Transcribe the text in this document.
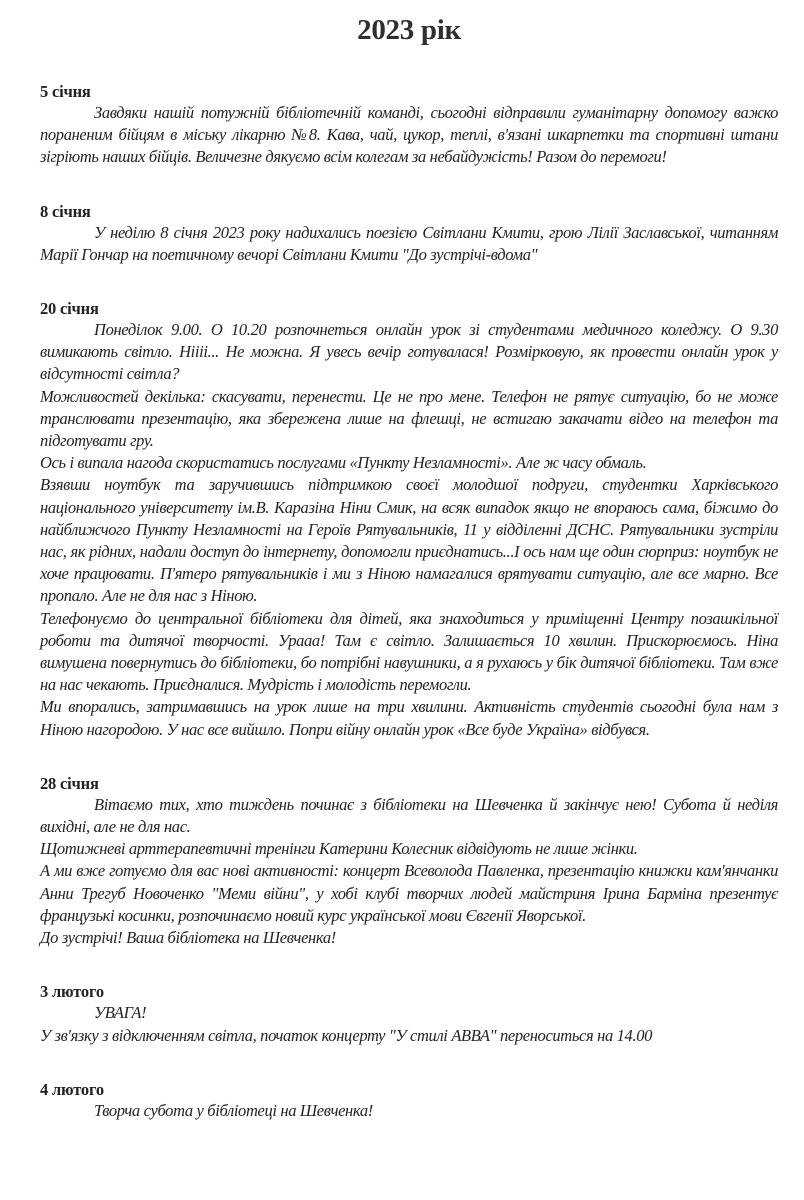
2023 рік

5 січня

Завдяки нашій потужній бібліотечній команді, сьогодні відправили гуманітарну допомогу важко пораненим бійцям в міську лікарню №8. Кава, чай, цукор, теплі, в'язані шкарпетки та спортивні штани зігріють наших бійців. Величезне дякуємо всім колегам за небайдужість! Разом до перемоги!

8 січня

У неділю 8 січня 2023 року надихались поезією Світлани Кмити, грою Лілії Заславської, читанням Марії Гончар на поетичному вечорі Світлани Кмити "До зустрічі-вдома"

20 січня

Понеділок 9.00. О 10.20 розпочнеться онлайн урок зі студентами медичного коледжу. О 9.30 вимикають світло. Ніііі... Не можна. Я увесь вечір готувалася! Розмірковую, як провести онлайн урок у відсутності світла?

Можливостей декілька: скасувати, перенести. Це не про мене. Телефон не рятує ситуацію, бо не може транслювати презентацію, яка збережена лише на флешці, не встигаю закачати відео на телефон та підготувати гру.

Ось і випала нагода скористатись послугами «Пункту Незламності». Але ж часу обмаль.

Взявши ноутбук та заручившись підтримкою своєї молодшої подруги, студентки Харківського національного університету ім.В. Каразіна Ніни Смик, на всяк випадок якщо не впораюсь сама, біжимо до найближчого Пункту Незламності на Героїв Рятувальників, 11 у відділенні ДСНС. Рятувальники зустріли нас, як рідних, надали доступ до інтернету, допомогли приєднатись...І ось нам ще один сюрприз: ноутбук не хоче працювати. П'ятеро рятувальників і ми з Ніною намагалися врятувати ситуацію, але все марно. Все пропало. Але не для нас з Ніною.

Телефонуємо до центральної бібліотеки для дітей, яка знаходиться у приміщенні Центру позашкільної роботи та дитячої творчості. Ураaa! Там є світло. Залишається 10 хвилин. Прискорюємось. Ніна вимушена повернутись до бібліотеки, бо потрібні навушники, а я рухаюсь у бік дитячої бібліотеки. Там вже на нас чекають. Приєдналися. Мудрість і молодість перемогли.

Ми впорались, затримавшись на урок лише на три хвилини. Активність студентів сьогодні була нам з Ніною нагородою. У нас все вийшло. Попри війну онлайн урок «Все буде Україна» відбувся.

28 січня

Вітаємо тих, хто тиждень починає з бібліотеки на Шевченка й закінчує нею! Субота й неділя вихідні, але не для нас.

Щотижневі арттерапевтичні тренінги Катерини Колесник відвідують не лише жінки.

А ми вже готуємо для вас нові активності: концерт Всеволода Павленка, презентацію книжки кам'янчанки Анни Трегуб Новоченко "Меми війни", у хобі клубі творчих людей майстриня Ірина Бармiна презентує французькі косинки, розпочинаємо новий курс української мови Євгенії Яворської.

До зустрічі! Ваша бібліотека на Шевченка!

3 лютого

УВАГА!

У зв'язку з відключенням світла, початок концерту "У стилі АВВА" переноситься на 14.00

4 лютого

Творча субота у бібліотеці на Шевченка!
